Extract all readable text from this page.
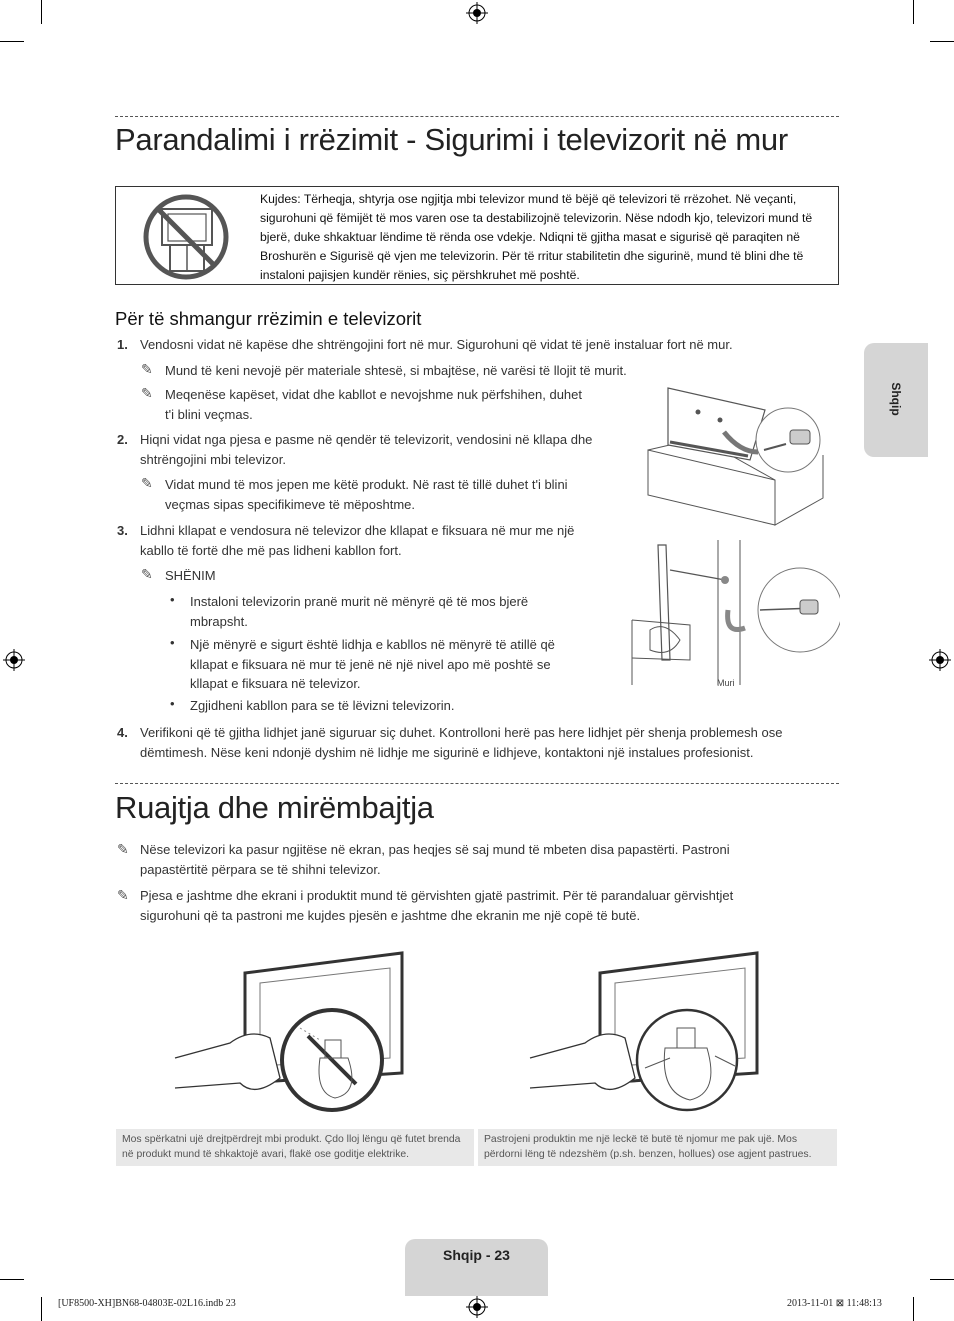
Parandalimi i rrëzimit - Sigurimi i televizorit në mur
Kujdes: Tërheqja, shtyrja ose ngjitja mbi televizor mund të bëjë që televizori të rrëzohet. Në veçanti, sigurohuni që fëmijët të mos varen ose ta destabilizojnë televizorin. Nëse ndodh kjo, televizori mund të bjerë, duke shkaktuar lëndime të rënda ose vdekje. Ndiqni të gjitha masat e sigurisë që paraqiten në Broshurën e Sigurisë që vjen me televizorin. Për të rritur stabilitetin dhe sigurinë, mund të blini dhe të instaloni pajisjen kundër rënies, siç përshkruhet më poshtë.
Për të shmangur rrëzimin e televizorit
1. Vendosni vidat në kapëse dhe shtrëngojini fort në mur. Sigurohuni që vidat të jenë instaluar fort në mur.
✎ Mund të keni nevojë për materiale shtesë, si mbajtëse, në varësi të llojit të murit.
✎ Meqenëse kapëset, vidat dhe kabllot e nevojshme nuk përfshihen, duhet t'i blini veçmas.
2. Hiqni vidat nga pjesa e pasme në qendër të televizorit, vendosini në kllapa dhe shtrëngojini mbi televizor.
✎ Vidat mund të mos jepen me këtë produkt. Në rast të tillë duhet t'i blini veçmas sipas specifikimeve të mëposhtme.
3. Lidhni kllapat e vendosura në televizor dhe kllapat e fiksuara në mur me një kabllo të fortë dhe më pas lidheni kabllon fort.
✎ SHËNIM
• Instaloni televizorin pranë murit në mënyrë që të mos bjerë mbrapsht.
• Një mënyrë e sigurt është lidhja e kabllos në mënyrë të atillë që kllapat e fiksuara në mur të jenë në një nivel apo më poshtë se kllapat e fiksuara në televizor.
• Zgjidheni kabllon para se të lëvizni televizorin.
4. Verifikoni që të gjitha lidhjet janë siguruar siç duhet. Kontrolloni herë pas here lidhjet për shenja problemesh ose dëmtimesh. Nëse keni ndonjë dyshim në lidhje me sigurinë e lidhjeve, kontaktoni një instalues profesionist.
Muri
Ruajtja dhe mirëmbajtja
✎ Nëse televizori ka pasur ngjitëse në ekran, pas heqjes së saj mund të mbeten disa papastërti. Pastroni papastërtitë përpara se të shihni televizor.
✎ Pjesa e jashtme dhe ekrani i produktit mund të gërvishten gjatë pastrimit. Për të parandaluar gërvishtjet sigurohuni që ta pastroni me kujdes pjesën e jashtme dhe ekranin me një copë të butë.
Mos spërkatni ujë drejtpërdrejt mbi produkt. Çdo lloj lëngu që futet brenda në produkt mund të shkaktojë avari, flakë ose goditje elektrike.
Pastrojeni produktin me një leckë të butë të njomur me pak ujë. Mos përdorni lëng të ndezshëm (p.sh. benzen, hollues) ose agjent pastrues.
Shqip
Shqip - 23
[UF8500-XH]BN68-04803E-02L16.indb 23	2013-11-01 ⊠ 11:48:13
